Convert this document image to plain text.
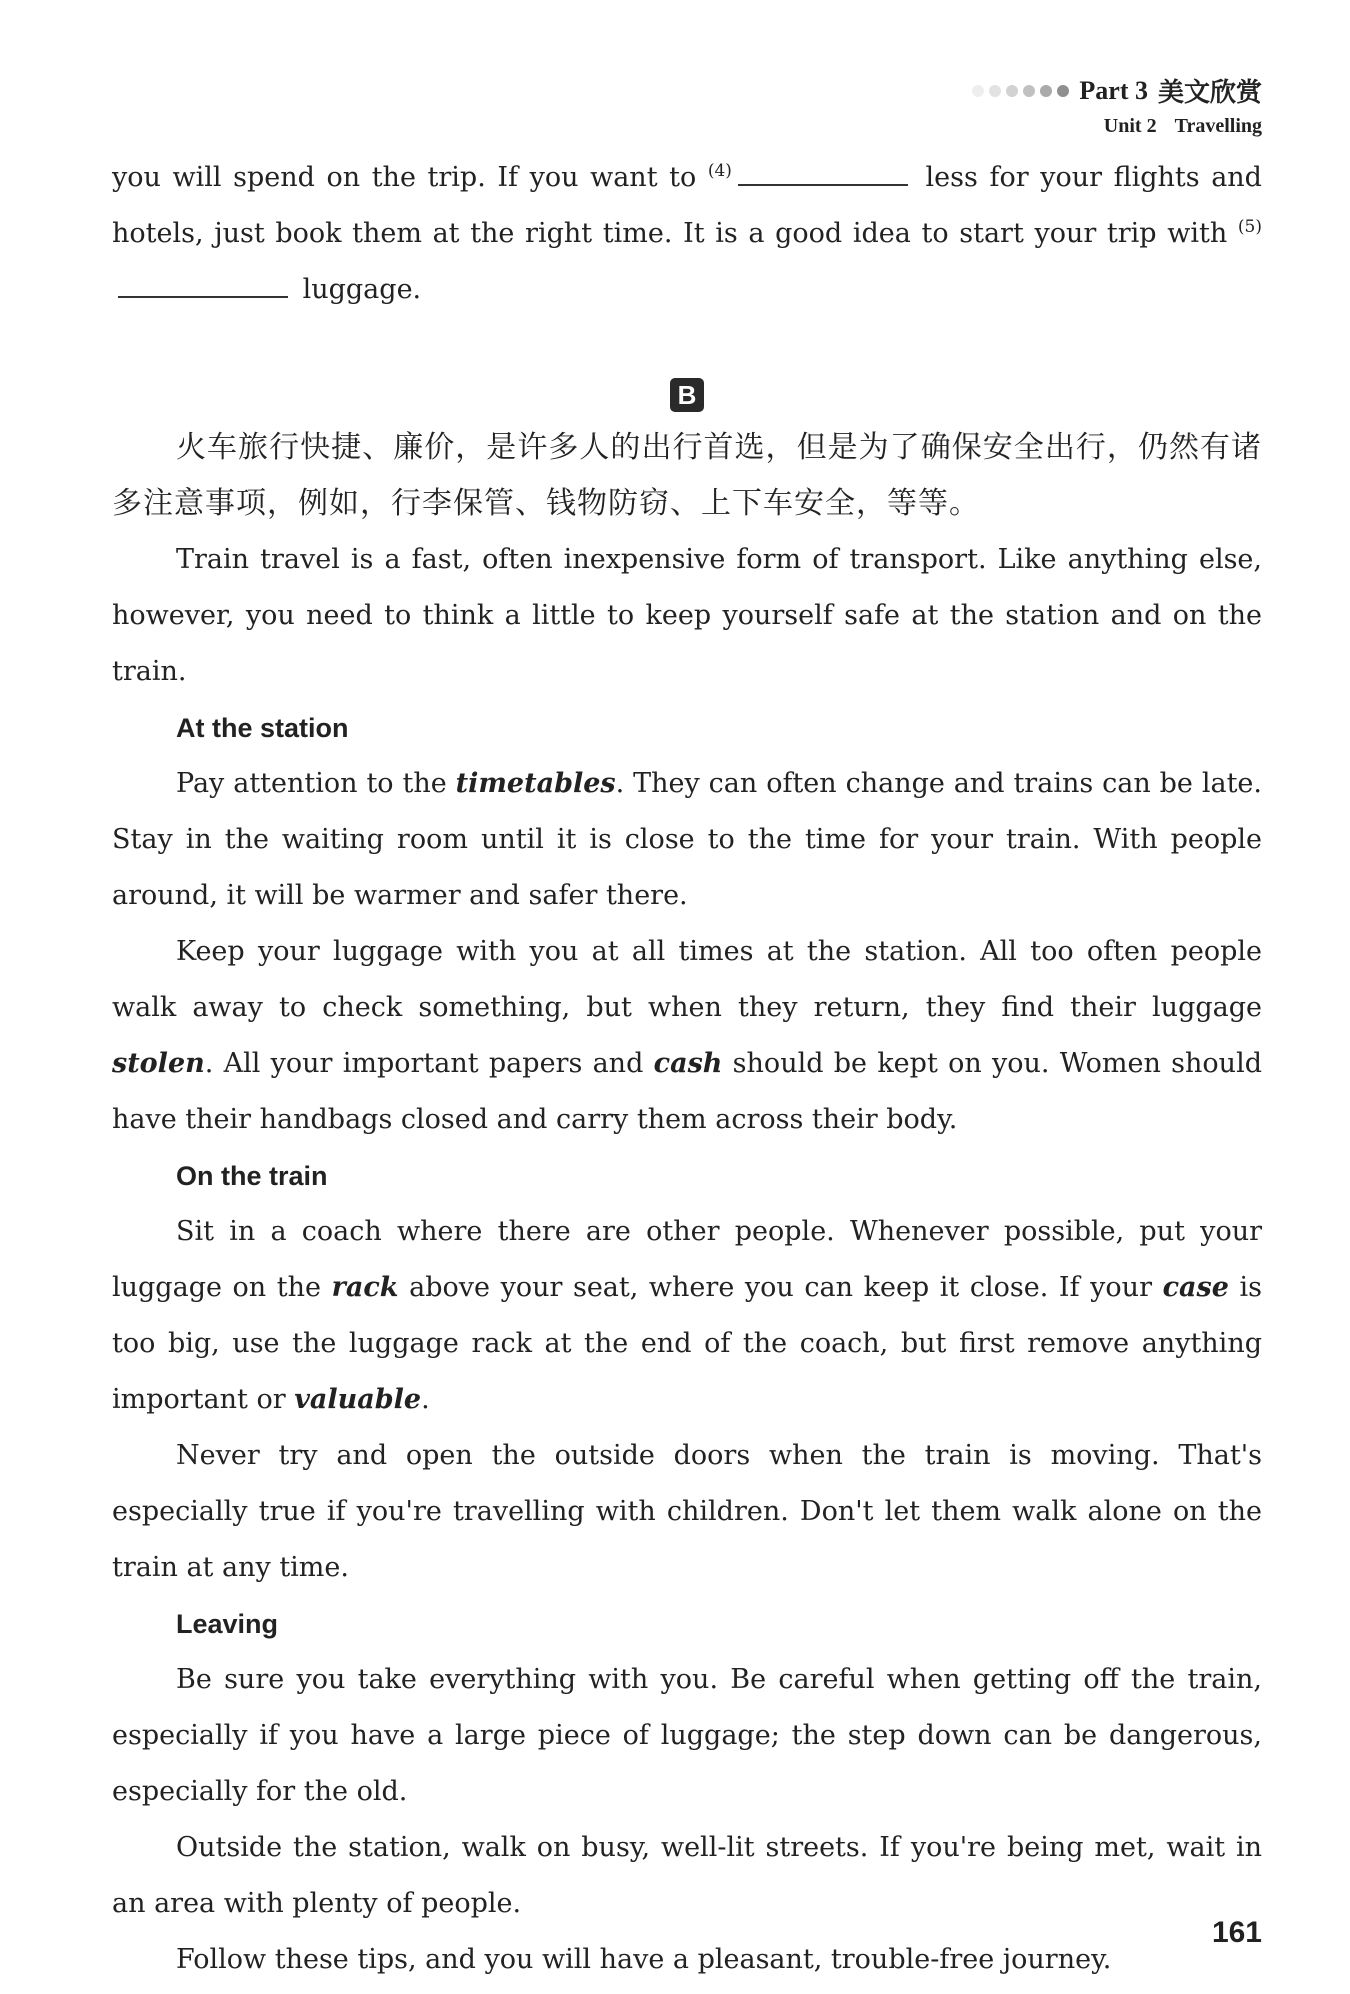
Part 3 美文欣赏
Unit 2 Travelling

you will spend on the trip. If you want to $^{(4)}$	less for your flights and hotels, just book them at the right time. It is a good idea to start your trip with $^{(5)}$ luggage.

B

火车旅行快捷、廉价，是许多人的出行首选，但是为了确保安全出行，仍然有诸多注意事项，例如，行李保管、钱物防窃、上下车安全，等等。

Train travel is a fast, often inexpensive form of transport. Like anything else, however, you need to think a little to keep yourself safe at the station and on the train.

At the station

Pay attention to the timetables. They can often change and trains can be late. Stay in the waiting room until it is close to the time for your train. With people around, it will be warmer and safer there.

Keep your luggage with you at all times at the station. All too often people walk away to check something, but when they return, they find their luggage stolen. All your important papers and cash should be kept on you. Women should have their handbags closed and carry them across their body.

On the train

Sit in a coach where there are other people. Whenever possible, put your luggage on the rack above your seat, where you can keep it close. If your case is too big, use the luggage rack at the end of the coach, but first remove anything important or valuable.

Never try and open the outside doors when the train is moving. That's especially true if you're travelling with children. Don't let them walk alone on the train at any time.

Leaving

Be sure you take everything with you. Be careful when getting off the train, especially if you have a large piece of luggage; the step down can be dangerous, especially for the old.

Outside the station, walk on busy, well-lit streets. If you're being met, wait in an area with plenty of people.

Follow these tips, and you will have a pleasant, trouble-free journey.

161
